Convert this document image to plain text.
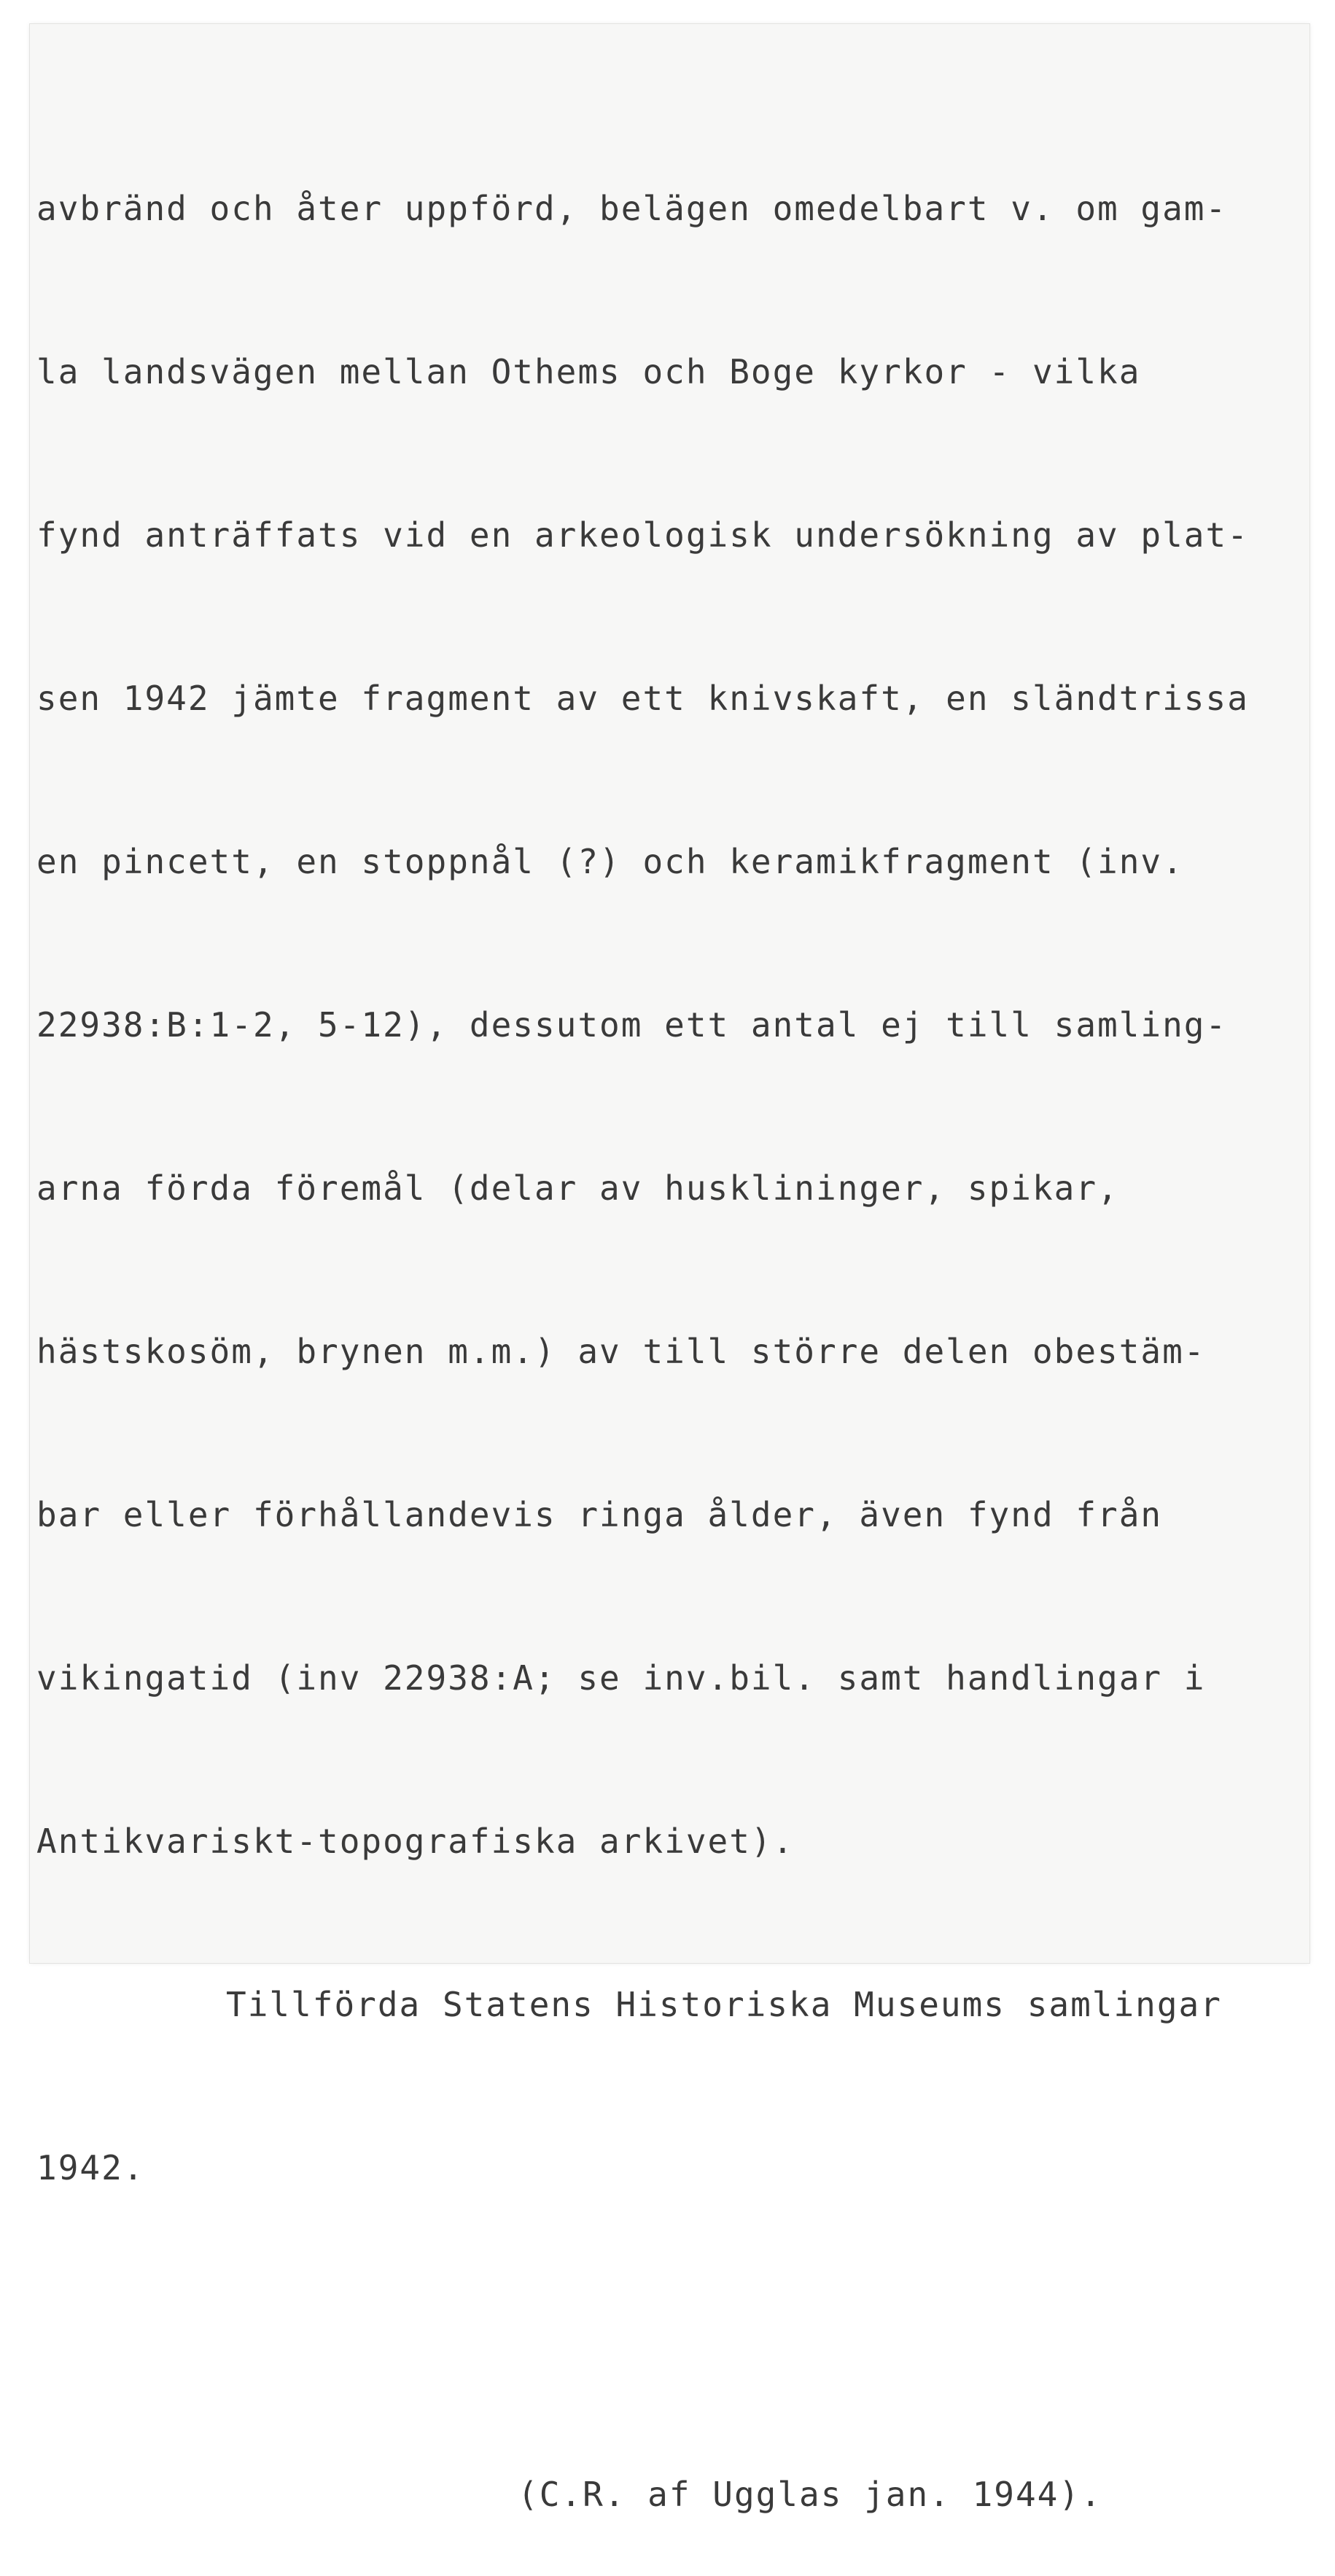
avbränd och åter uppförd, belägen omedelbart v. om gam-

la landsvägen mellan Othems och Boge kyrkor - vilka

fynd anträffats vid en arkeologisk undersökning av plat-

sen 1942 jämte fragment av ett knivskaft, en sländtrissa

en pincett, en stoppnål (?) och keramikfragment (inv.

22938:B:1-2, 5-12), dessutom ett antal ej till samling-

arna förda föremål (delar av husklininger, spikar,

hästskosöm, brynen m.m.) av till större delen obestäm-

bar eller förhållandevis ringa ålder, även fynd från

vikingatid (inv 22938:A; se inv.bil. samt handlingar i

Antikvariskt-topografiska arkivet).

Tillförda Statens Historiska Museums samlingar

1942.

(C.R. af Ugglas jan. 1944).
